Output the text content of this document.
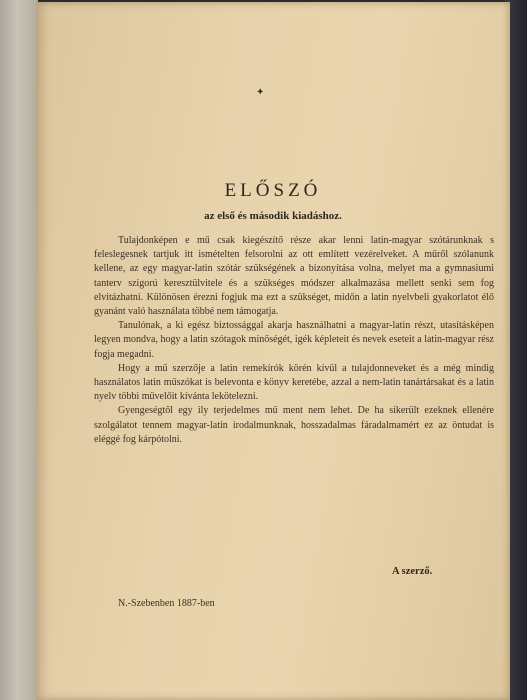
✦
ELŐSZÓ
az első és második kiadáshoz.

Tulajdonképen e mű csak kiegészítő része akar lenni latin-magyar szótárunknak s feleslegesnek tartjuk itt ismételten felsorolni az ott említett vezérelveket. A műről szólanunk kellene, az egy magyar-latin szótár szükségének a bizonyítása volna, melyet ma a gymnasiumi tanterv szigorú keresztülvitele és a szükséges módszer alkalmazása mellett senki sem fog elvitázhatni. Különösen érezni fogjuk ma ezt a szükséget, midőn a latin nyelvbeli gyakorlatot élő gyanánt való használata többé nem támogatja.

Tanulónak, a ki egész biztossággal akarja használhatni a magyar-latin részt, utasításképen legyen mondva, hogy a latin szótagok minőségét, igék képleteit és nevek eseteit a latin-magyar rész fogja megadni.

Hogy a mű szerzője a latin remekírók körén kívül a tulajdonneveket és a még mindig használatos latin műszókat is belevonta e könyv keretébe, azzal a nem-latin tanártársakat és a latin nyelv többi művelőit kívánta lekötelezni.

Gyengeségtől egy ily terjedelmes mű ment nem lehet. De ha sikerült ezeknek ellenére szolgálatot tennem magyar-latin irodalmunknak, hosszadalmas fáradalmamért ez az öntudat is eléggé fog kárpótolni.

N.-Szebenben 1887-ben
A szerző.
